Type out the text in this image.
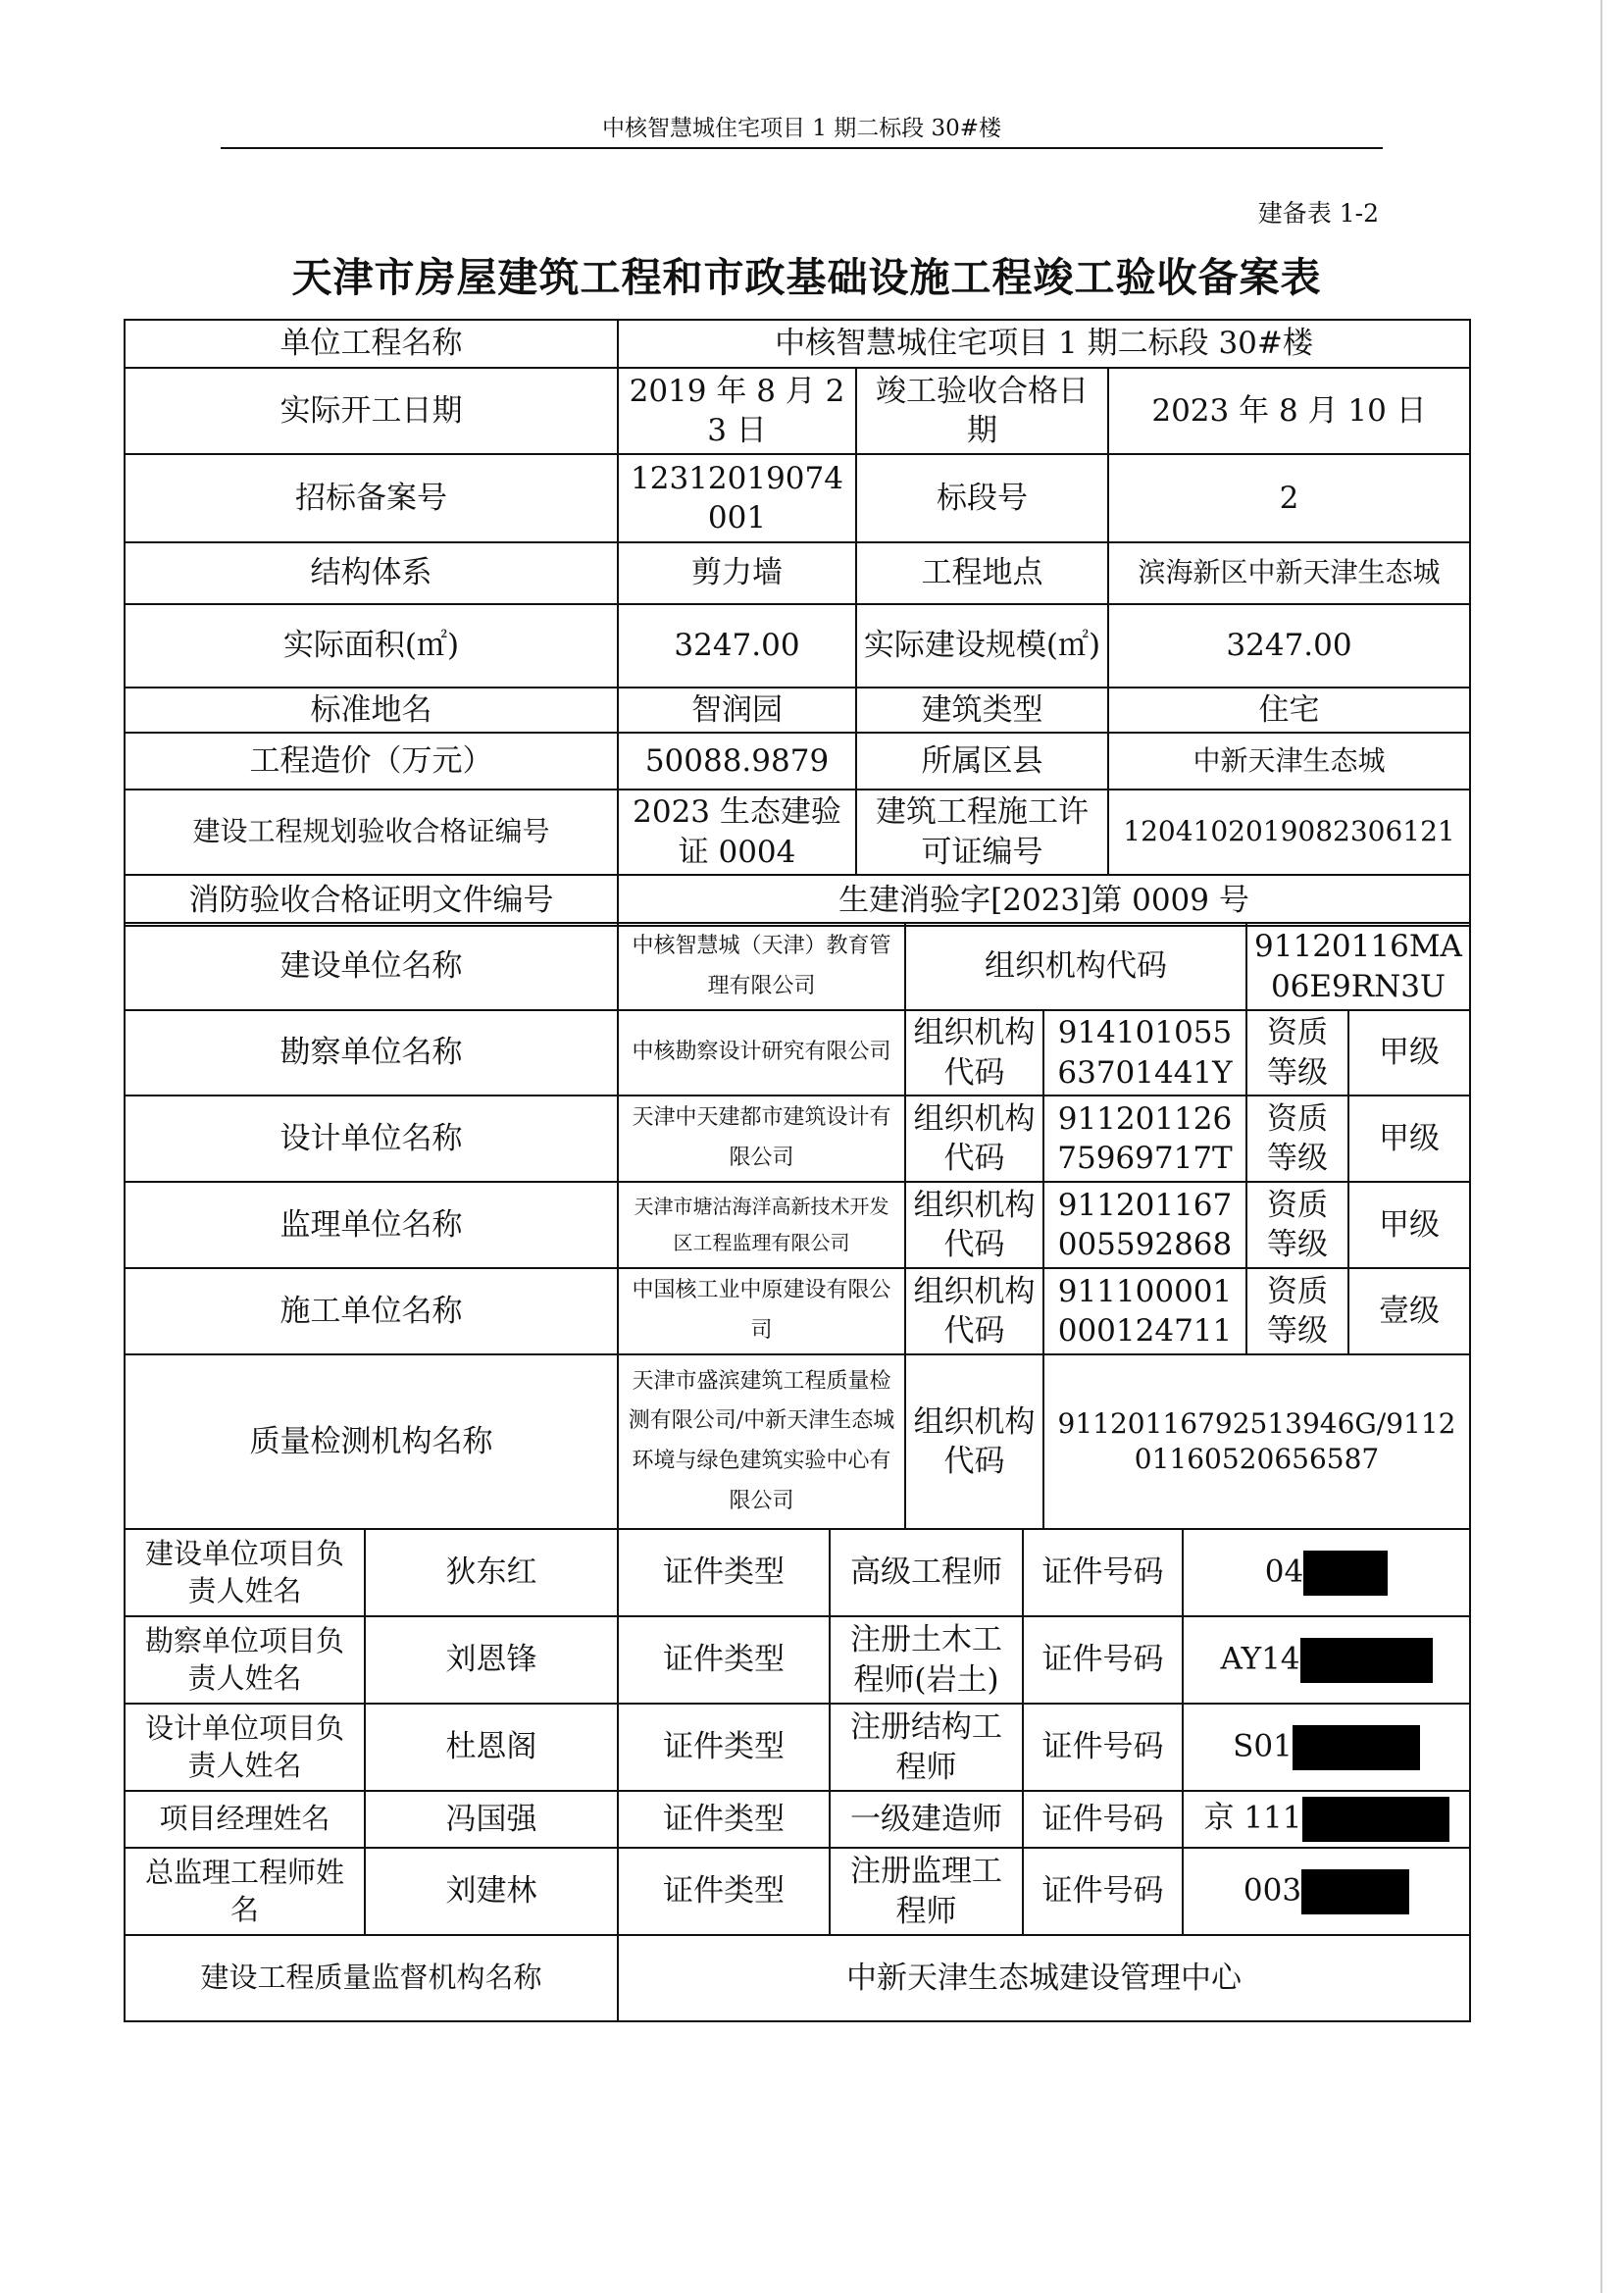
中核智慧城住宅项目 1 期二标段 30#楼
建备表 1-2
天津市房屋建筑工程和市政基础设施工程竣工验收备案表
单位工程名称	中核智慧城住宅项目 1 期二标段 30#楼		
实际开工日期	2019 年 8 月 23 日	竣工验收合格日期	2023 年 8 月 10 日
招标备案号	12312019074001	标段号	2
结构体系	剪力墙	工程地点	滨海新区中新天津生态城
实际面积(㎡)	3247.00	实际建设规模(㎡)	3247.00
标准地名	智润园	建筑类型	住宅
工程造价（万元）	50088.9879	所属区县	中新天津生态城
建设工程规划验收合格证编号	2023 生态建验证 0004	建筑工程施工许可证编号	1204102019082306121
消防验收合格证明文件编号	生建消验字[2023]第 0009 号		
建设单位名称	中核智慧城（天津）教育管理有限公司	组织机构代码		91120116MA06E9RN3U	
勘察单位名称	中核勘察设计研究有限公司	组织机构代码	91410105563701441Y	资质等级	甲级
设计单位名称	天津中天建都市建筑设计有限公司	组织机构代码	91120112675969717T	资质等级	甲级
监理单位名称	天津市塘沽海洋高新技术开发区工程监理有限公司	组织机构代码	911201167005592868	资质等级	甲级
施工单位名称	中国核工业中原建设有限公司	组织机构代码	911100001000124711	资质等级	壹级
质量检测机构名称	天津市盛滨建筑工程质量检测有限公司/中新天津生态城环境与绿色建筑实验中心有限公司	组织机构代码	91120116792513946G/911201160520656587		
建设单位项目负责人姓名	狄东红	证件类型	高级工程师	证件号码	04
勘察单位项目负责人姓名	刘恩锋	证件类型	注册土木工程师(岩土)	证件号码	AY14
设计单位项目负责人姓名	杜恩阁	证件类型	注册结构工程师	证件号码	S01
项目经理姓名	冯国强	证件类型	一级建造师	证件号码	京 111
总监理工程师姓名	刘建林	证件类型	注册监理工程师	证件号码	003
建设工程质量监督机构名称		中新天津生态城建设管理中心			
